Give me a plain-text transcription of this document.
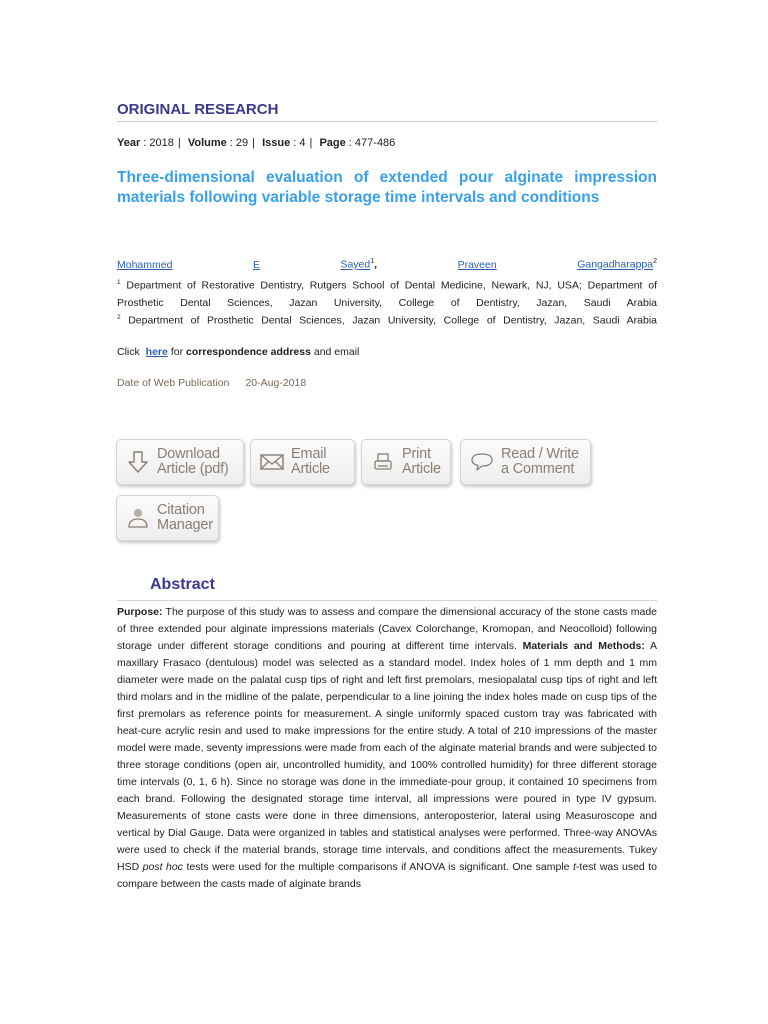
ORIGINAL RESEARCH
Year : 2018 | Volume : 29 | Issue : 4 | Page : 477-486
Three-dimensional evaluation of extended pour alginate impression materials following variable storage time intervals and conditions
Mohammed	E	Sayed$^1$,	Praveen	Gangadharappa$^2$
$^1$ Department of Restorative Dentistry, Rutgers School of Dental Medicine, Newark, NJ, USA; Department of
Prosthetic Dental Sciences, Jazan University, College of Dentistry, Jazan, Saudi Arabia
$^2$ Department of Prosthetic Dental Sciences, Jazan University, College of Dentistry, Jazan, Saudi Arabia
Click here for correspondence address and email
Date of Web Publication 20-Aug-2018
Download
Article (pdf)
Email
Article
Print
Article
Read / Write
a Comment
Citation
Manager
Abstract

Purpose: The purpose of this study was to assess and compare the dimensional accuracy of the stone casts made of three extended pour alginate impressions materials (Cavex Colorchange, Kromopan, and Neocolloid) following storage under different storage conditions and pouring at different time intervals. Materials and Methods: A maxillary Frasaco (dentulous) model was selected as a standard model. Index holes of 1 mm depth and 1 mm diameter were made on the palatal cusp tips of right and left first premolars, mesiopalatal cusp tips of right and left third molars and in the midline of the palate, perpendicular to a line joining the index holes made on cusp tips of the first premolars as reference points for measurement. A single uniformly spaced custom tray was fabricated with heat-cure acrylic resin and used to make impressions for the entire study. A total of 210 impressions of the master model were made, seventy impressions were made from each of the alginate material brands and were subjected to three storage conditions (open air, uncontrolled humidity, and 100% controlled humidity) for three different storage time intervals (0, 1, 6 h). Since no storage was done in the immediate-pour group, it contained 10 specimens from each brand. Following the designated storage time interval, all impressions were poured in type IV gypsum. Measurements of stone casts were done in three dimensions, anteroposterior, lateral using Measuroscope and vertical by Dial Gauge. Data were organized in tables and statistical analyses were performed. Three-way ANOVAs were used to check if the material brands, storage time intervals, and conditions affect the measurements. Tukey HSD post hoc tests were used for the multiple comparisons if ANOVA is significant. One sample t-test was used to compare between the casts made of alginate brands
